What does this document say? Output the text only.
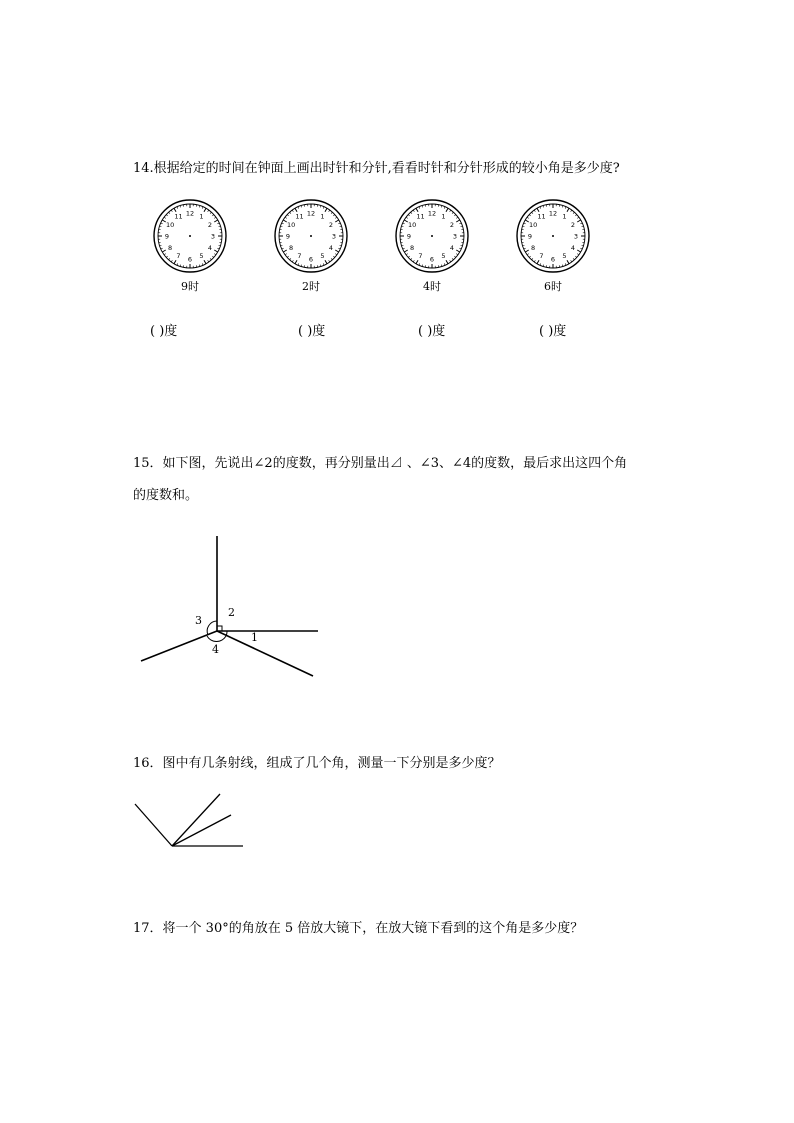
14.根据给定的时间在钟面上画出时针和分针,看看时针和分针形成的较小角是多少度?
12 1
2
3
4
5
6
7
8
9
10
11	12 1
2
3
4
5
6
7
8
9
10
11	12 1
2
3
4
5
6
7
8
9
10
11	12 1
2
3
4
5
6
7
8
9
10
11
9时	2时	4时	6时
( )度	( )度	( )度	( )度
15．如下图，先说出∠2的度数，再分别量出⊿ 、∠3、∠4的度数，最后求出这四个角
的度数和。
1
2
3
4
16．图中有几条射线，组成了几个角，测量一下分别是多少度？
17．将一个 30°的角放在 5 倍放大镜下，在放大镜下看到的这个角是多少度？
